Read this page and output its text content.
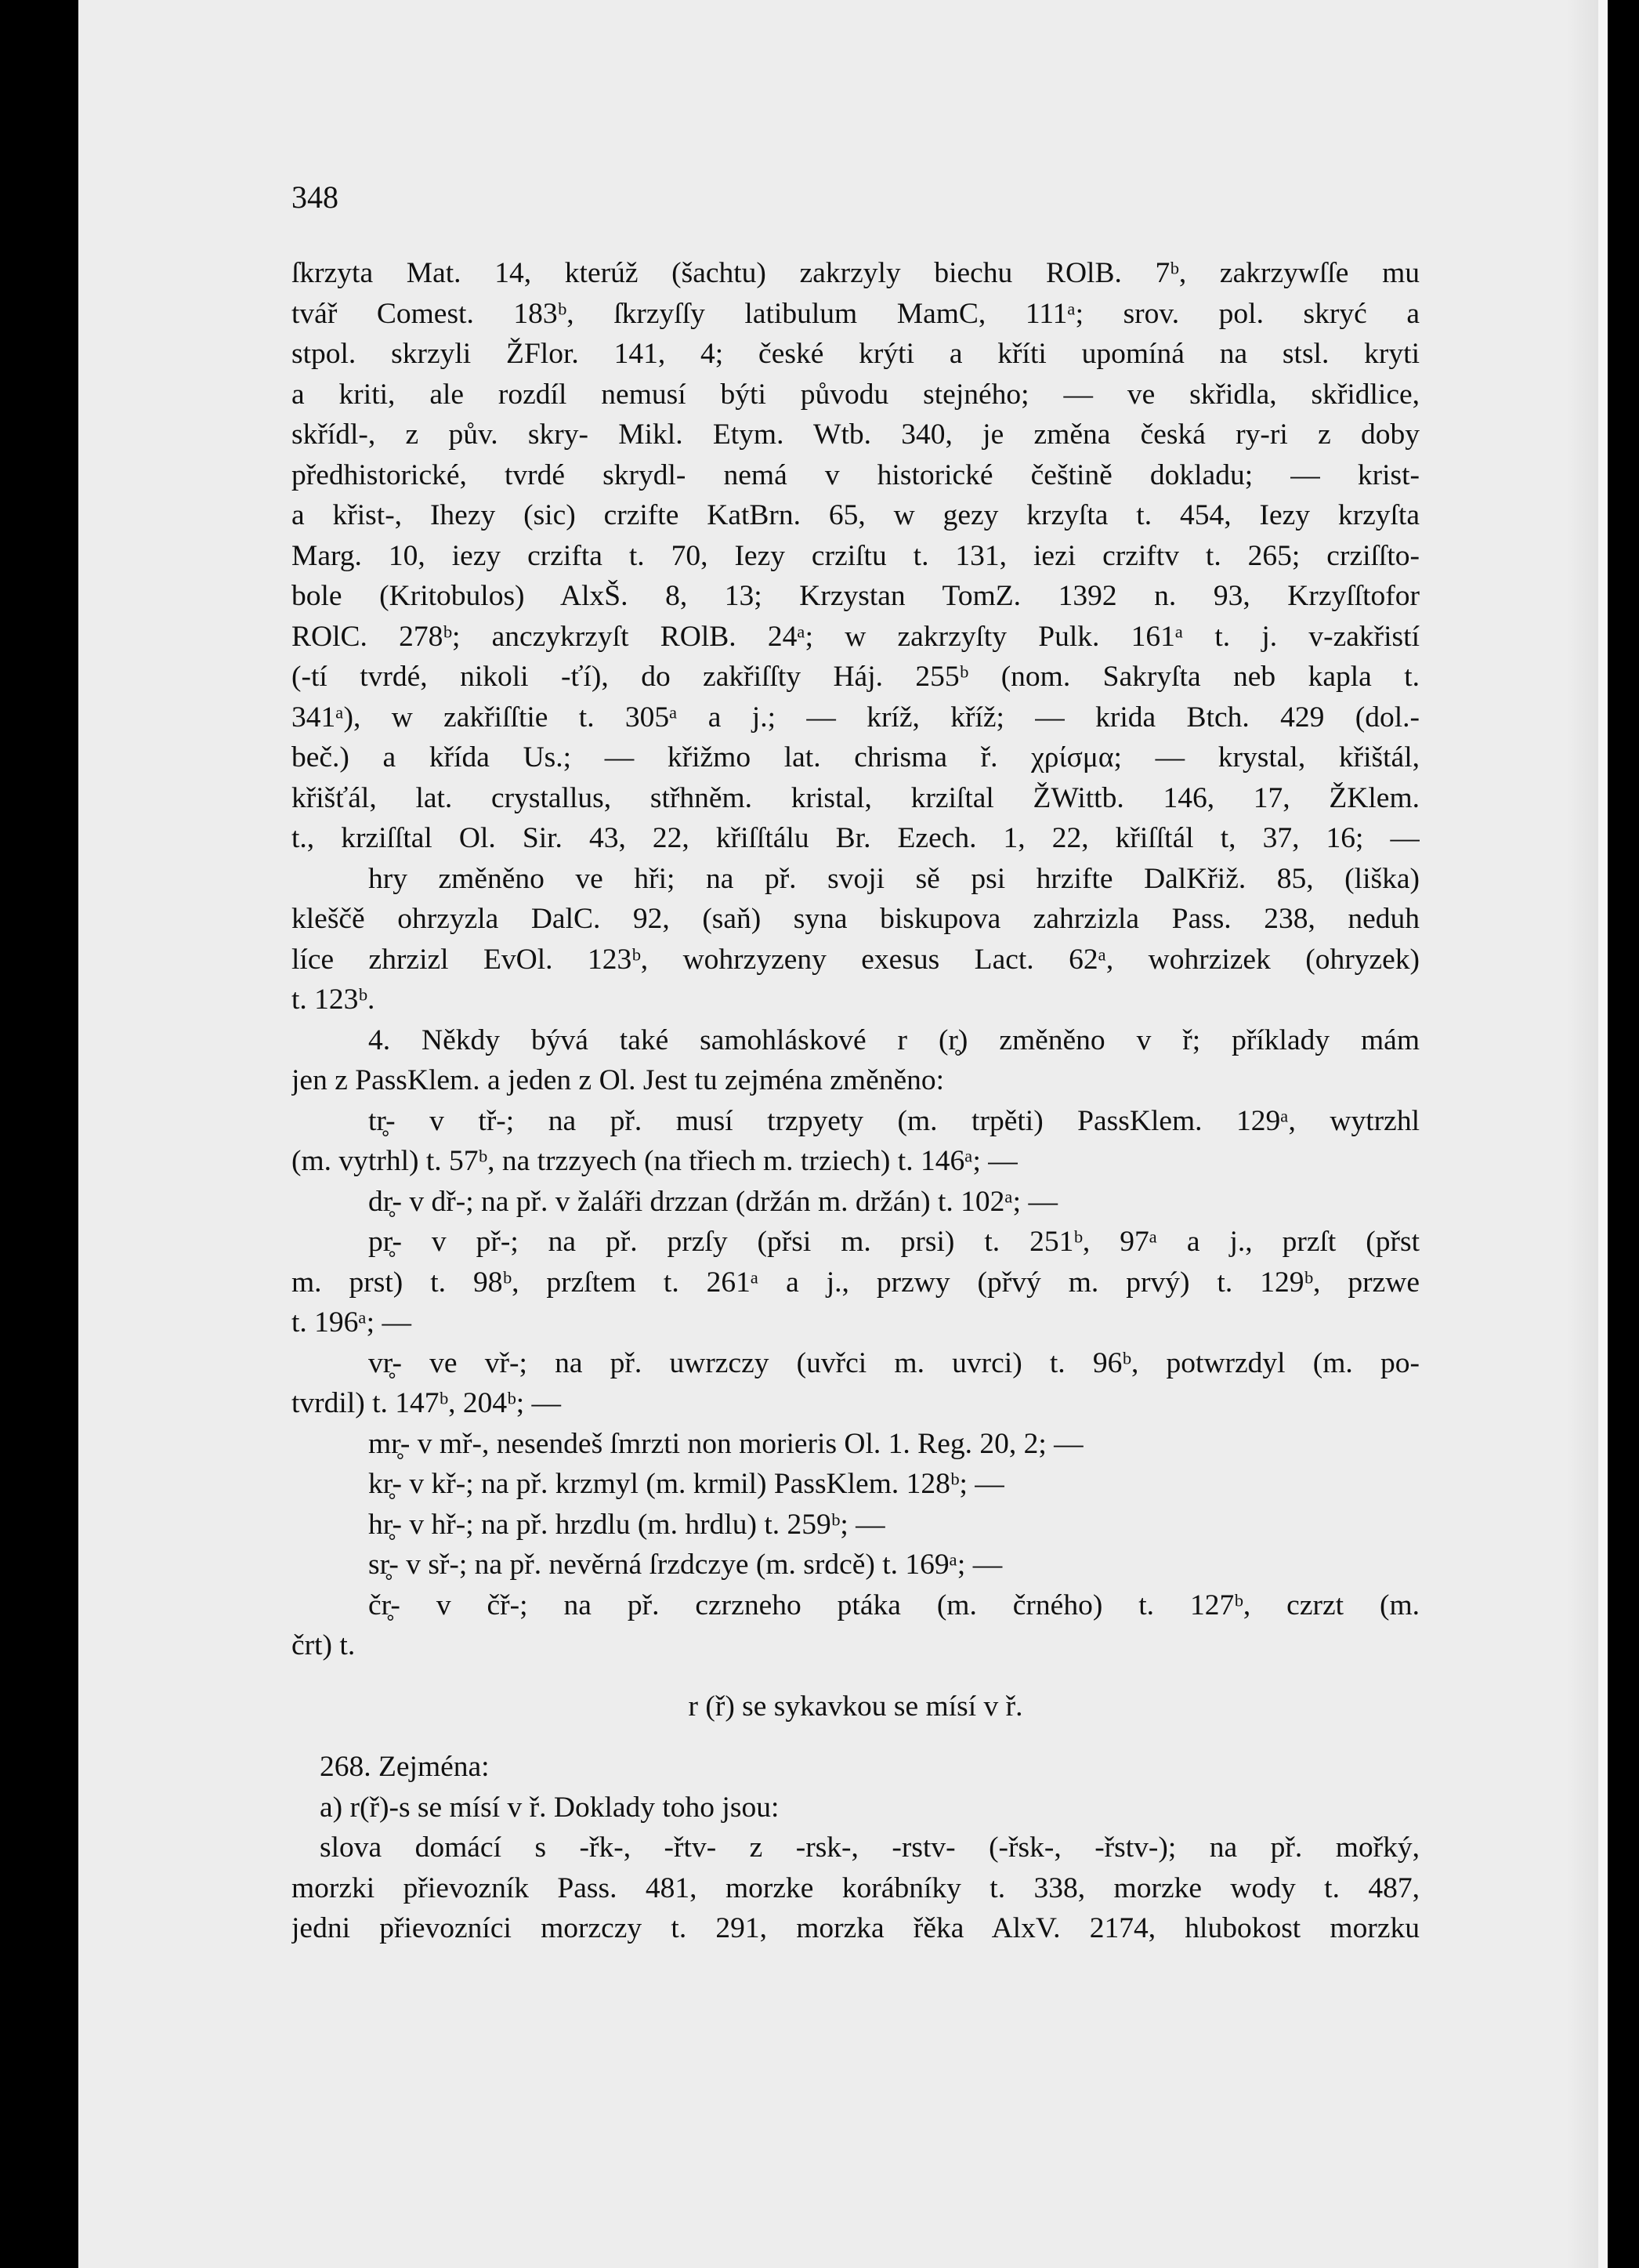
348
ſkrzyta Mat. 14, kterúž (šachtu) zakrzyly biechu ROlB. 7ᵇ, zakrzywſſe mu
tvář Comest. 183ᵇ, ſkrzyſſy latibulum MamC, 111ᵃ; srov. pol. skryć a
stpol. skrzyli ŽFlor. 141, 4; české krýti a kříti upomíná na stsl. kryti
a kriti, ale rozdíl nemusí býti původu stejného; — ve skřidla, skřidlice,
skřídl-, z pův. skry- Mikl. Etym. Wtb. 340, je změna česká ry-ri z doby
předhistorické, tvrdé skrydl- nemá v historické češtině dokladu; — krist-
a křist-, Ihezy (sic) crzifte KatBrn. 65, w gezy krzyſta t. 454, Iezy krzyſta
Marg. 10, iezy crzifta t. 70, Iezy crziſtu t. 131, iezi crziftv t. 265; crziſſto-
bole (Kritobulos) AlxŠ. 8, 13; Krzystan TomZ. 1392 n. 93, Krzyſſtofor
ROlC. 278ᵇ; anczykrzyſt ROlB. 24ᵃ; w zakrzyſty Pulk. 161ᵃ t. j. v-zakřistí
(-tí tvrdé, nikoli -ťí), do zakřiſſty Háj. 255ᵇ (nom. Sakryſta neb kapla t.
341ᵃ), w zakřiſſtie t. 305ᵃ a j.; — kríž, kříž; — krida Btch. 429 (dol.-
beč.) a křída Us.; — křižmo lat. chrisma ř. χρίσμα; — krystal, křištál,
křišťál, lat. crystallus, střhněm. kristal, krziſtal ŽWittb. 146, 17, ŽKlem.
t., krziſſtal Ol. Sir. 43, 22, křiſſtálu Br. Ezech. 1, 22, křiſſtál t, 37, 16; —
hry změněno ve hři; na př. svoji sě psi hrzifte DalKřiž. 85, (liška)
kleščě ohrzyzla DalC. 92, (saň) syna biskupova zahrzizla Pass. 238, neduh
líce zhrzizl EvOl. 123ᵇ, wohrzyzeny exesus Lact. 62ᵃ, wohrzizek (ohryzek)
t. 123ᵇ.
4. Někdy bývá také samohláskové r (r̥) změněno v ř; příklady mám
jen z PassKlem. a jeden z Ol. Jest tu zejména změněno:
tr̥- v tř-; na př. musí trzpyety (m. trpěti) PassKlem. 129ᵃ, wytrzhl
(m. vytrhl) t. 57ᵇ, na trzzyech (na třiech m. trziech) t. 146ᵃ; —
dr̥- v dř-; na př. v žaláři drzzan (držán m. držán) t. 102ᵃ; —
pr̥- v př-; na př. przſy (přsi m. prsi) t. 251ᵇ, 97ᵃ a j., przſt (přst
m. prst) t. 98ᵇ, przſtem t. 261ᵃ a j., przwy (přvý m. prvý) t. 129ᵇ, przwe
t. 196ᵃ; —
vr̥- ve vř-; na př. uwrzczy (uvřci m. uvrci) t. 96ᵇ, potwrzdyl (m. po-
tvrdil) t. 147ᵇ, 204ᵇ; —
mr̥- v mř-, nesendeš ſmrzti non morieris Ol. 1. Reg. 20, 2; —
kr̥- v kř-; na př. krzmyl (m. krmil) PassKlem. 128ᵇ; —
hr̥- v hř-; na př. hrzdlu (m. hrdlu) t. 259ᵇ; —
sr̥- v sř-; na př. nevěrná ſrzdczye (m. srdcě) t. 169ᵃ; —
čr̥- v čř-; na př. czrzneho ptáka (m. črného) t. 127ᵇ, czrzt (m.
črt) t.
r (ř) se sykavkou se mísí v ř.
268. Zejména:
a) r(ř)-s se mísí v ř. Doklady toho jsou:
slova domácí s -řk-, -řtv- z -rsk-, -rstv- (-řsk-, -řstv-); na př. mořký,
morzki přievozník Pass. 481, morzke korábníky t. 338, morzke wody t. 487,
jedni přievozníci morzczy t. 291, morzka řěka AlxV. 2174, hlubokost morzku
